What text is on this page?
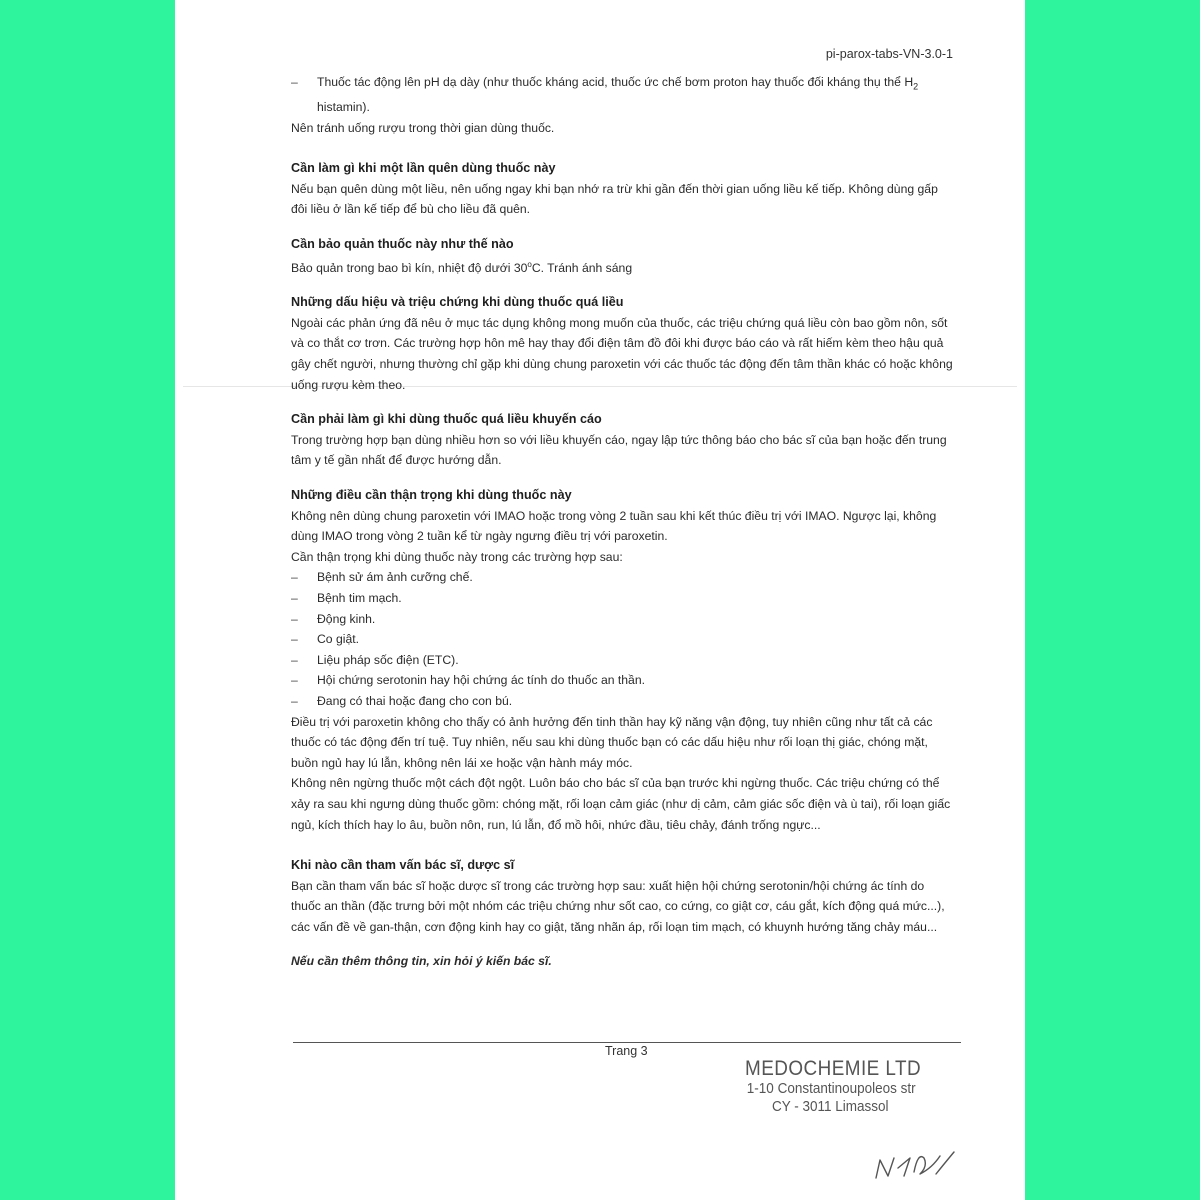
pi-parox-tabs-VN-3.0-1
– Thuốc tác động lên pH dạ dày (như thuốc kháng acid, thuốc ức chế bơm proton hay thuốc đối kháng thụ thể $H_2$ histamin).
Nên tránh uống rượu trong thời gian dùng thuốc.
Cần làm gì khi một lần quên dùng thuốc này
Nếu bạn quên dùng một liều, nên uống ngay khi bạn nhớ ra trừ khi gần đến thời gian uống liều kế tiếp. Không dùng gấp đôi liều ở lần kế tiếp để bù cho liều đã quên.
Cần bảo quản thuốc này như thế nào
Bảo quản trong bao bì kín, nhiệt độ dưới 30$^o$C. Tránh ánh sáng
Những dấu hiệu và triệu chứng khi dùng thuốc quá liều
Ngoài các phản ứng đã nêu ở mục tác dụng không mong muốn của thuốc, các triệu chứng quá liều còn bao gồm nôn, sốt và co thắt cơ trơn. Các trường hợp hôn mê hay thay đổi điện tâm đồ đôi khi được báo cáo và rất hiếm kèm theo hậu quả gây chết người, nhưng thường chỉ gặp khi dùng chung paroxetin với các thuốc tác động đến tâm thần khác có hoặc không uống rượu kèm theo.
Cần phải làm gì khi dùng thuốc quá liều khuyến cáo
Trong trường hợp bạn dùng nhiều hơn so với liều khuyến cáo, ngay lập tức thông báo cho bác sĩ của bạn hoặc đến trung tâm y tế gần nhất để được hướng dẫn.
Những điều cần thận trọng khi dùng thuốc này
Không nên dùng chung paroxetin với IMAO hoặc trong vòng 2 tuần sau khi kết thúc điều trị với IMAO. Ngược lại, không dùng IMAO trong vòng 2 tuần kể từ ngày ngưng điều trị với paroxetin.
Cần thận trọng khi dùng thuốc này trong các trường hợp sau:
– Bệnh sử ám ảnh cưỡng chế.
– Bệnh tim mạch.
– Động kinh.
– Co giật.
– Liệu pháp sốc điện (ETC).
– Hội chứng serotonin hay hội chứng ác tính do thuốc an thần.
– Đang có thai hoặc đang cho con bú.
Điều trị với paroxetin không cho thấy có ảnh hưởng đến tinh thần hay kỹ năng vận động, tuy nhiên cũng như tất cả các thuốc có tác động đến trí tuệ. Tuy nhiên, nếu sau khi dùng thuốc bạn có các dấu hiệu như rối loạn thị giác, chóng mặt, buồn ngủ hay lú lẫn, không nên lái xe hoặc vận hành máy móc.
Không nên ngừng thuốc một cách đột ngột. Luôn báo cho bác sĩ của bạn trước khi ngừng thuốc. Các triệu chứng có thể xảy ra sau khi ngưng dùng thuốc gồm: chóng mặt, rối loạn cảm giác (như dị cảm, cảm giác sốc điện và ù tai), rối loạn giấc ngủ, kích thích hay lo âu, buồn nôn, run, lú lẫn, đổ mồ hôi, nhức đầu, tiêu chảy, đánh trống ngực...
Khi nào cần tham vấn bác sĩ, dược sĩ
Bạn cần tham vấn bác sĩ hoặc dược sĩ trong các trường hợp sau: xuất hiện hội chứng serotonin/hội chứng ác tính do thuốc an thần (đặc trưng bởi một nhóm các triệu chứng như sốt cao, co cứng, co giật cơ, cáu gắt, kích động quá mức...), các vấn đề về gan-thận, cơn động kinh hay co giật, tăng nhãn áp, rối loạn tim mạch, có khuynh hướng tăng chảy máu...
Nếu cần thêm thông tin, xin hỏi ý kiến bác sĩ.
Trang 3
MEDOCHEMIE LTD
1-10 Constantinoupoleos str
CY - 3011 Limassol
